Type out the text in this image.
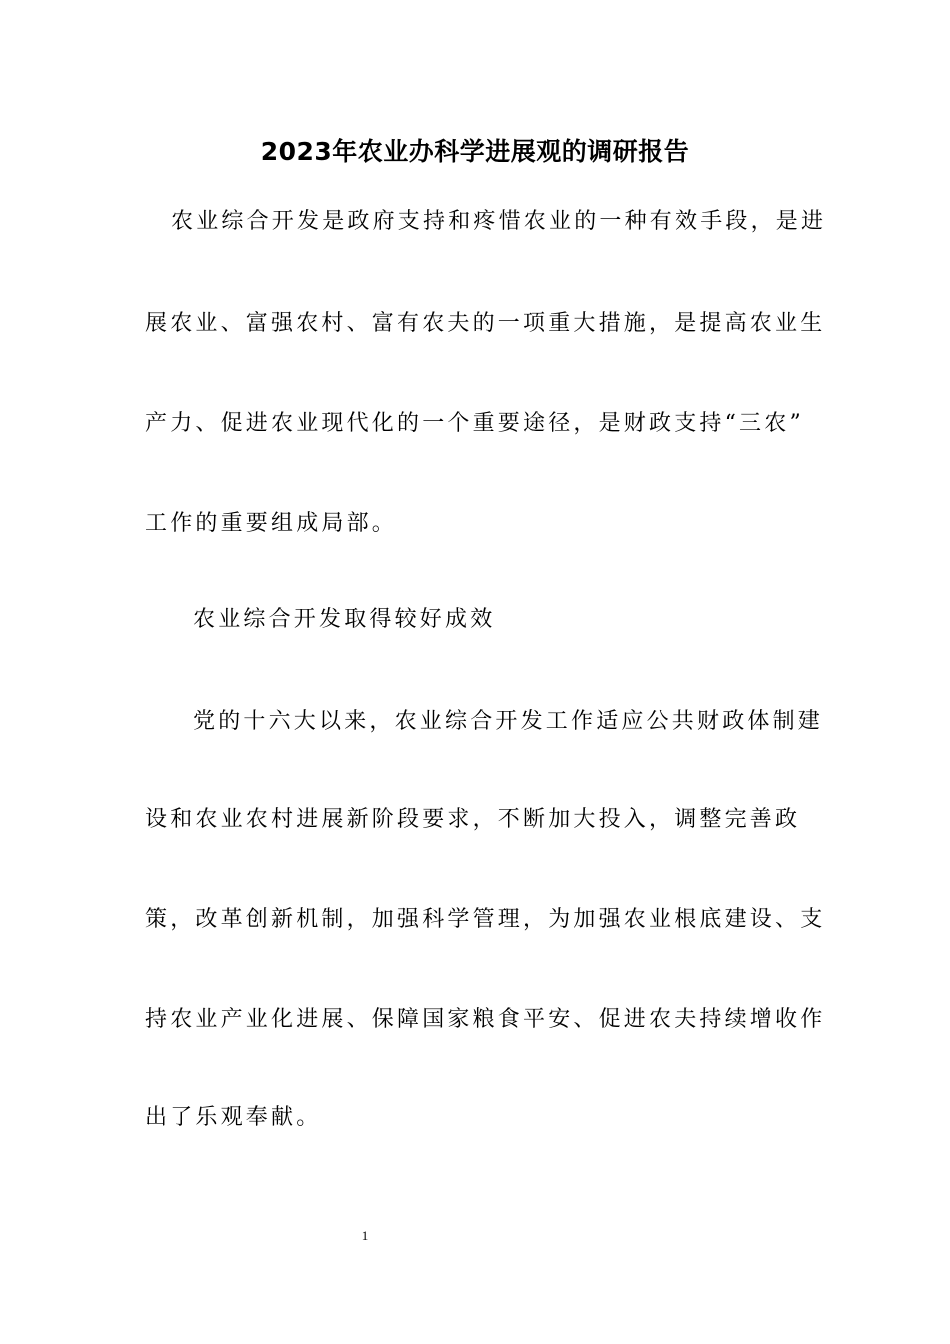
2023年农业办科学进展观的调研报告
农业综合开发是政府支持和疼惜农业的一种有效手段，是进
展农业、富强农村、富有农夫的一项重大措施，是提高农业生
产力、促进农业现代化的一个重要途径，是财政支持“三农”
工作的重要组成局部。
农业综合开发取得较好成效
党的十六大以来，农业综合开发工作适应公共财政体制建
设和农业农村进展新阶段要求，不断加大投入，调整完善政
策，改革创新机制，加强科学管理，为加强农业根底建设、支
持农业产业化进展、保障国家粮食平安、促进农夫持续增收作
出了乐观奉献。
1
